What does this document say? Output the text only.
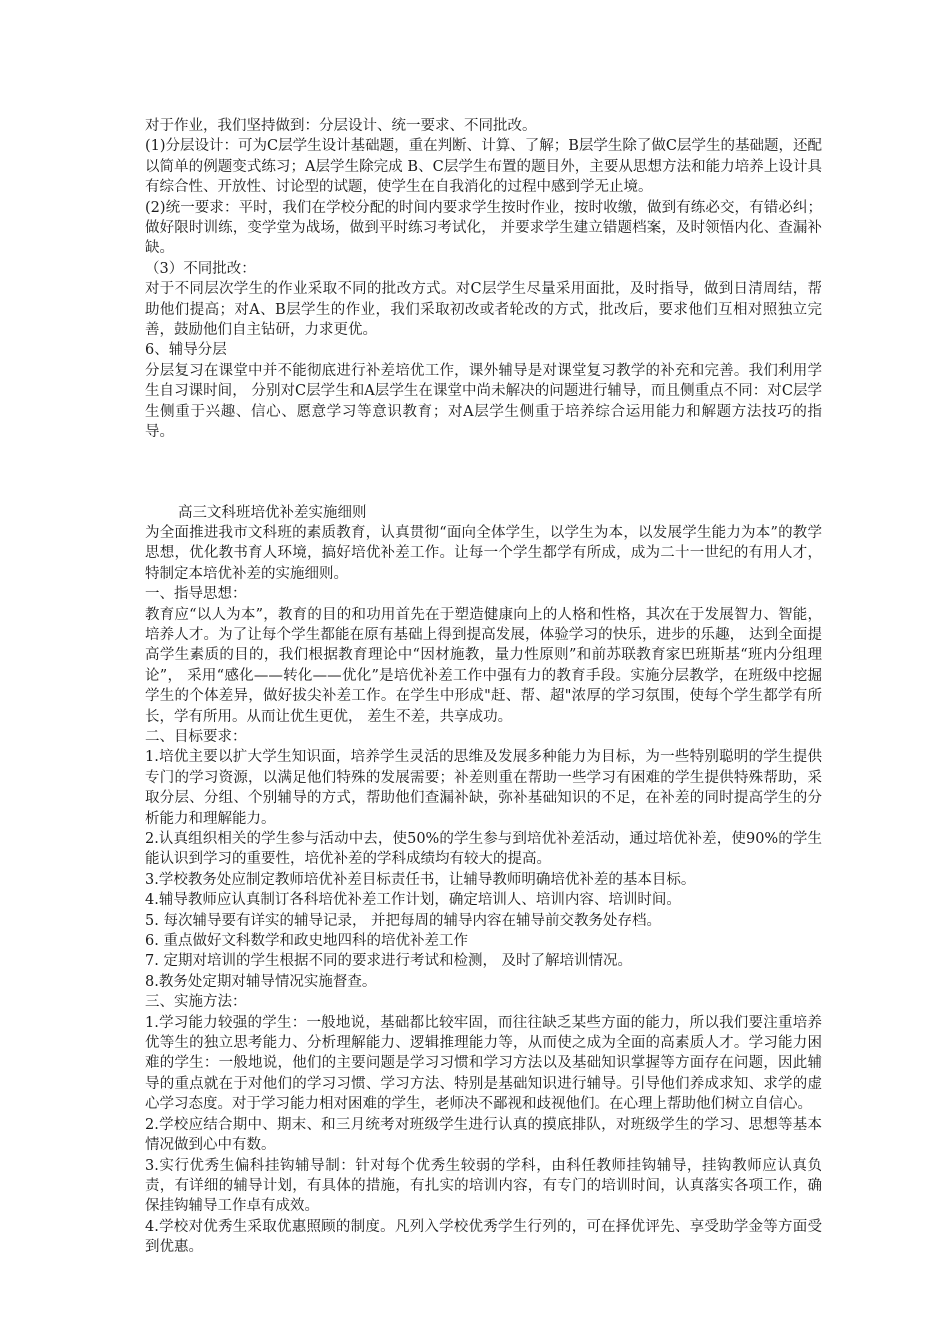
对于作业，我们坚持做到：分层设计、统一要求、不同批改。

(1)分层设计：可为C层学生设计基础题，重在判断、计算、了解；B层学生除了做C层学生的基础题，还配以简单的例题变式练习；A层学生除完成 B、C层学生布置的题目外，主要从思想方法和能力培养上设计具有综合性、开放性、讨论型的试题，使学生在自我消化的过程中感到学无止境。

(2)统一要求：平时，我们在学校分配的时间内要求学生按时作业，按时收缴，做到有练必交，有错必纠；做好限时训练，变学堂为战场，做到平时练习考试化， 并要求学生建立错题档案，及时领悟内化、查漏补缺。

（3）不同批改：

对于不同层次学生的作业采取不同的批改方式。对C层学生尽量采用面批，及时指导，做到日清周结，帮助他们提高；对A、B层学生的作业，我们采取初改或者轮改的方式，批改后，要求他们互相对照独立完善，鼓励他们自主钻研，力求更优。

6、辅导分层

分层复习在课堂中并不能彻底进行补差培优工作，课外辅导是对课堂复习教学的补充和完善。我们利用学生自习课时间， 分别对C层学生和A层学生在课堂中尚未解决的问题进行辅导，而且侧重点不同：对C层学生侧重于兴趣、信心、愿意学习等意识教育；对A层学生侧重于培养综合运用能力和解题方法技巧的指导。

高三文科班培优补差实施细则

为全面推进我市文科班的素质教育，认真贯彻“面向全体学生，以学生为本，以发展学生能力为本”的教学思想，优化教书育人环境，搞好培优补差工作。让每一个学生都学有所成，成为二十一世纪的有用人才，特制定本培优补差的实施细则。

一、指导思想：

教育应“以人为本”，教育的目的和功用首先在于塑造健康向上的人格和性格，其次在于发展智力、智能，培养人才。为了让每个学生都能在原有基础上得到提高发展，体验学习的快乐，进步的乐趣， 达到全面提高学生素质的目的，我们根据教育理论中“因材施教，量力性原则”和前苏联教育家巴班斯基“班内分组理论”， 采用“感化——转化——优化”是培优补差工作中强有力的教育手段。实施分层教学，在班级中挖掘学生的个体差异，做好拔尖补差工作。在学生中形成"赶、帮、超"浓厚的学习氛围，使每个学生都学有所长，学有所用。从而让优生更优， 差生不差，共享成功。

二、目标要求：

1.培优主要以扩大学生知识面，培养学生灵活的思维及发展多种能力为目标，为一些特别聪明的学生提供专门的学习资源，以满足他们特殊的发展需要；补差则重在帮助一些学习有困难的学生提供特殊帮助，采取分层、分组、个别辅导的方式，帮助他们查漏补缺，弥补基础知识的不足，在补差的同时提高学生的分析能力和理解能力。

2.认真组织相关的学生参与活动中去，使50%的学生参与到培优补差活动，通过培优补差，使90%的学生能认识到学习的重要性，培优补差的学科成绩均有较大的提高。

3.学校教务处应制定教师培优补差目标责任书，让辅导教师明确培优补差的基本目标。

4.辅导教师应认真制订各科培优补差工作计划，确定培训人、培训内容、培训时间。

5. 每次辅导要有详实的辅导记录， 并把每周的辅导内容在辅导前交教务处存档。

6. 重点做好文科数学和政史地四科的培优补差工作

7. 定期对培训的学生根据不同的要求进行考试和检测， 及时了解培训情况。

8.教务处定期对辅导情况实施督查。

三、实施方法：

1.学习能力较强的学生：一般地说，基础都比较牢固，而往往缺乏某些方面的能力，所以我们要注重培养优等生的独立思考能力、分析理解能力、逻辑推理能力等，从而使之成为全面的高素质人才。学习能力困难的学生：一般地说，他们的主要问题是学习习惯和学习方法以及基础知识掌握等方面存在问题，因此辅导的重点就在于对他们的学习习惯、学习方法、特别是基础知识进行辅导。引导他们养成求知、求学的虚心学习态度。对于学习能力相对困难的学生，老师决不鄙视和歧视他们。在心理上帮助他们树立自信心。

2.学校应结合期中、期末、和三月统考对班级学生进行认真的摸底排队，对班级学生的学习、思想等基本情况做到心中有数。

3.实行优秀生偏科挂钩辅导制：针对每个优秀生较弱的学科，由科任教师挂钩辅导，挂钩教师应认真负责，有详细的辅导计划，有具体的措施，有扎实的培训内容，有专门的培训时间，认真落实各项工作，确保挂钩辅导工作卓有成效。

4.学校对优秀生采取优惠照顾的制度。凡列入学校优秀学生行列的，可在择优评先、享受助学金等方面受到优惠。
